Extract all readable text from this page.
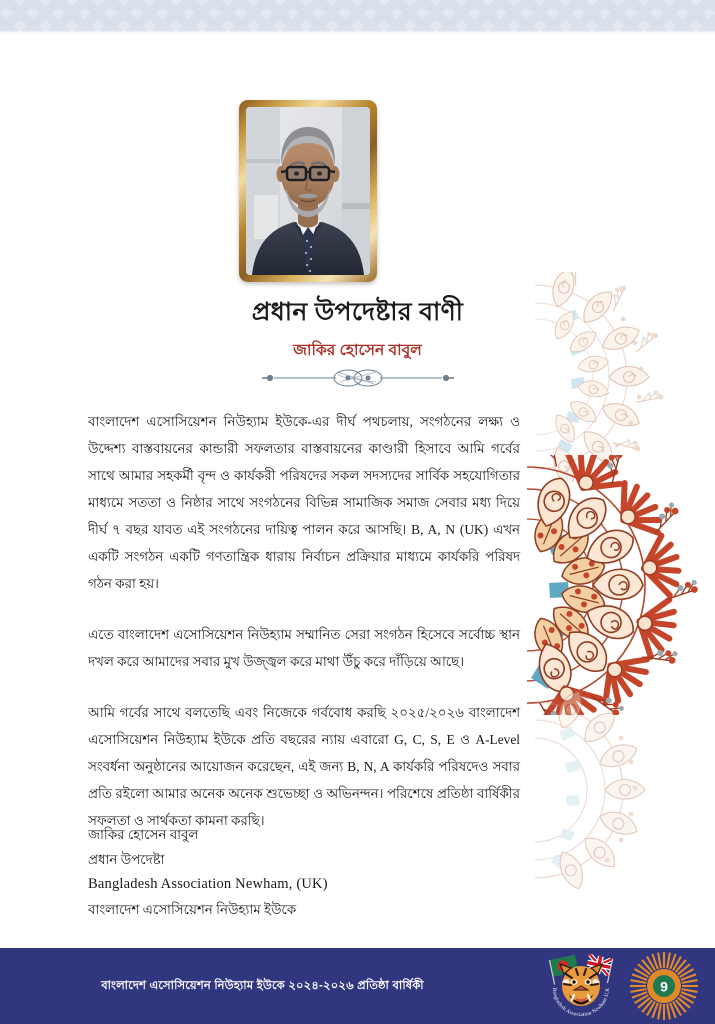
প্রধান উপদেষ্টার বাণী
জাকির হোসেন বাবুল

বাংলাদেশ এসোসিয়েশন নিউহ্যাম ইউকে-এর দীর্ঘ পথচলায়, সংগঠনের লক্ষ্য ও উদ্দেশ্য বাস্তবায়নের কান্ডারী সফলতার বাস্তবায়নের কাণ্ডারী হিসাবে আমি গর্বের সাথে আমার সহকর্মী বৃন্দ ও কার্যকরী পরিষদের সকল সদস্যদের সার্বিক সহযোগিতার মাধ্যমে সততা ও নিষ্ঠার সাথে সংগঠনের বিভিন্ন সামাজিক সমাজ সেবার মধ্য দিয়ে দীর্ঘ ৭ বছর যাবত এই সংগঠনের দায়িত্ব পালন করে আসছি। B, A, N (UK) এখন একটি সংগঠন একটি গণতান্ত্রিক ধারায় নির্বাচন প্রক্রিয়ার মাধ্যমে কার্যকরি পরিষদ গঠন করা হয়।

এতে বাংলাদেশ এসোসিয়েশন নিউহ্যাম সম্মানিত সেরা সংগঠন হিসেবে সর্বোচ্চ স্থান দখল করে আমাদের সবার মুখ উজ্জ্বল করে মাথা উঁচু করে দাঁড়িয়ে আছে।

আমি গর্বের সাথে বলতেছি এবং নিজেকে গর্ববোধ করছি ২০২৫/২০২৬ বাংলাদেশ এসোসিয়েশন নিউহ্যাম ইউকে প্রতি বছরের ন্যায় এবারো G, C, S, E ও A-Level সংবর্ধনা অনুষ্ঠানের আয়োজন করেছেন, এই জন্য B, N, A কার্যকরি পরিষদেও সবার প্রতি রইলো আমার অনেক অনেক শুভেচ্ছা ও অভিনন্দন। পরিশেষে প্রতিষ্ঠা বার্ষিকীর সফলতা ও সার্থকতা কামনা করছি।

জাকির হোসেন বাবুল
প্রধান উপদেষ্টা
Bangladesh Association Newham, (UK)
বাংলাদেশ এসোসিয়েশন নিউহ্যাম ইউকে
বাংলাদেশ এসোসিয়েশন নিউহ্যাম ইউকে ২০২৪-২০২৬ প্রতিষ্ঠা বার্ষিকী	Bangladesh Association Newham U.K	9
